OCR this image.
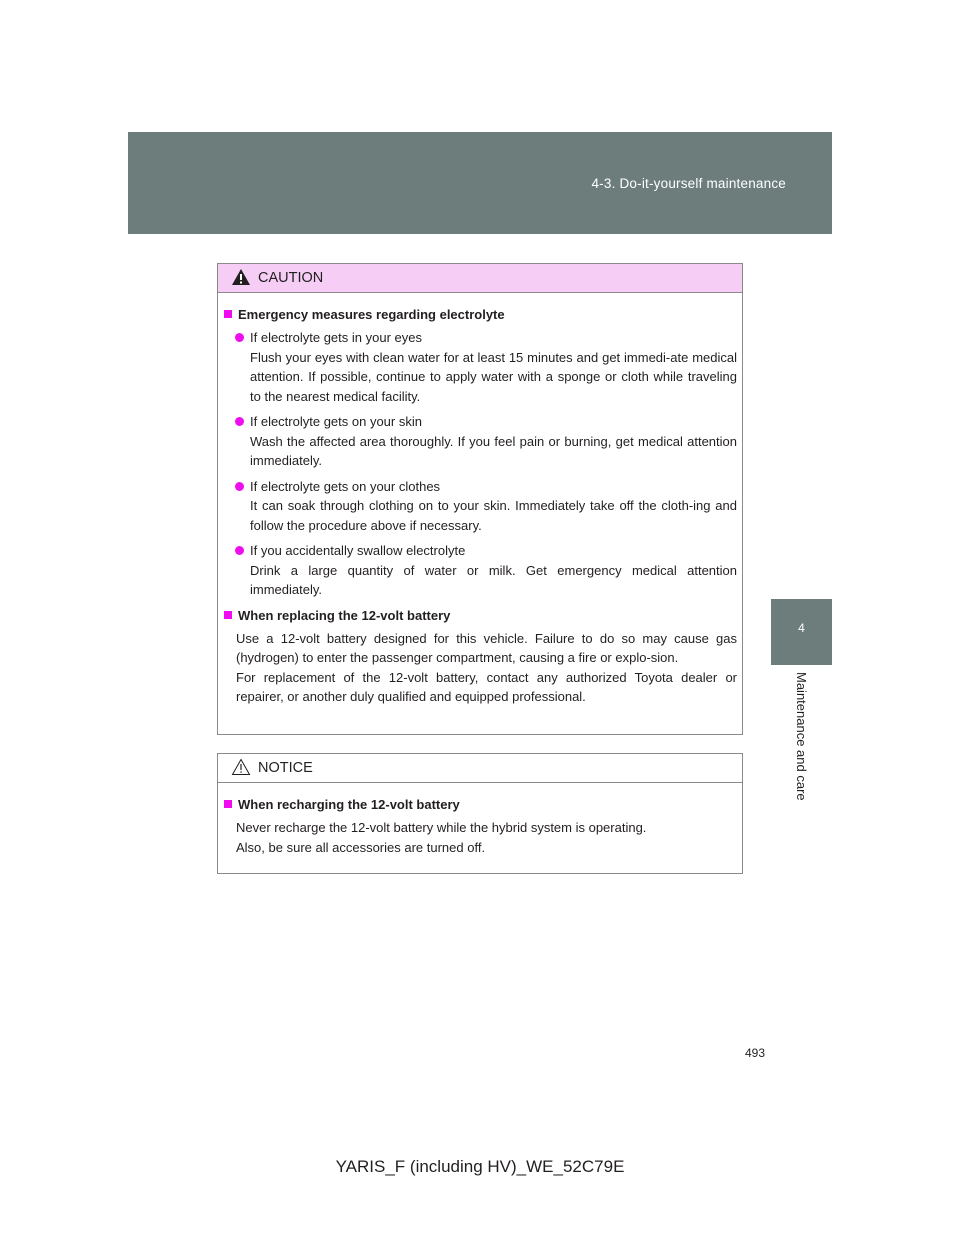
4-3. Do-it-yourself maintenance
4
Maintenance and care
CAUTION
Emergency measures regarding electrolyte
If electrolyte gets in your eyes
Flush your eyes with clean water for at least 15 minutes and get immedi-ate medical attention. If possible, continue to apply water with a sponge or cloth while traveling to the nearest medical facility.
If electrolyte gets on your skin
Wash the affected area thoroughly. If you feel pain or burning, get medical attention immediately.
If electrolyte gets on your clothes
It can soak through clothing on to your skin. Immediately take off the cloth-ing and follow the procedure above if necessary.
If you accidentally swallow electrolyte
Drink a large quantity of water or milk. Get emergency medical attention immediately.
When replacing the 12-volt battery
Use a 12-volt battery designed for this vehicle. Failure to do so may cause gas (hydrogen) to enter the passenger compartment, causing a fire or explo-sion.
For replacement of the 12-volt battery, contact any authorized Toyota dealer or repairer, or another duly qualified and equipped professional.
NOTICE
When recharging the 12-volt battery
Never recharge the 12-volt battery while the hybrid system is operating.
Also, be sure all accessories are turned off.
493
YARIS_F (including HV)_WE_52C79E
